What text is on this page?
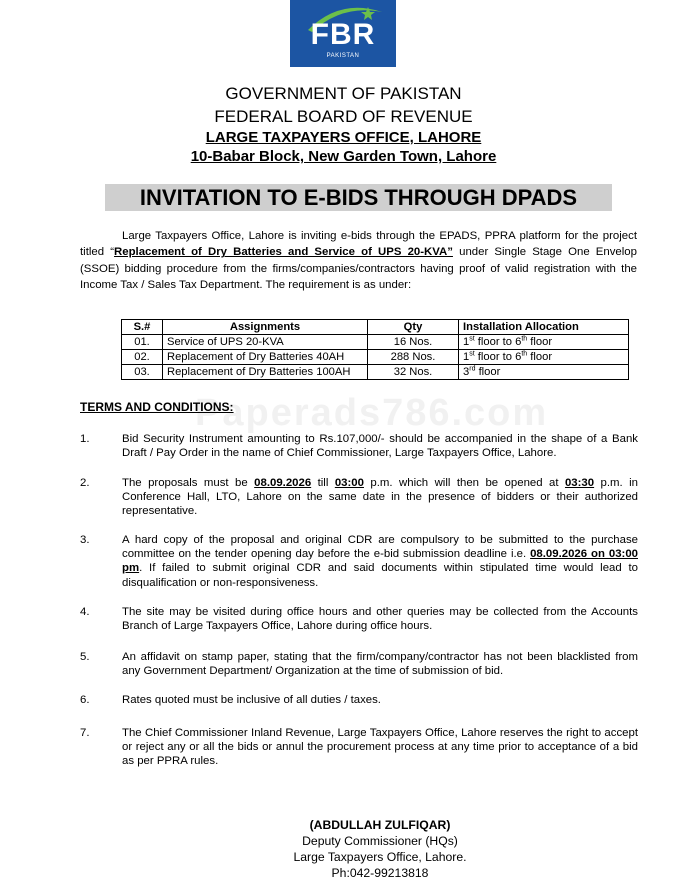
FBR
PAKISTAN
GOVERNMENT OF PAKISTAN
FEDERAL BOARD OF REVENUE
LARGE TAXPAYERS OFFICE, LAHORE
10-Babar Block, New Garden Town, Lahore
INVITATION TO E-BIDS THROUGH DPADS
Large Taxpayers Office, Lahore is inviting e-bids through the EPADS, PPRA platform for the project titled “Replacement of Dry Batteries and Service of UPS 20-KVA” under Single Stage One Envelop (SSOE) bidding procedure from the firms/companies/contractors having proof of valid registration with the Income Tax / Sales Tax Department. The requirement is as under:
S.#	Assignments	Qty	Installation Allocation
01.	Service of UPS 20-KVA	16 Nos.	1st floor to 6th floor
02.	Replacement of Dry Batteries 40AH	288 Nos.	1st floor to 6th floor
03.	Replacement of Dry Batteries 100AH	32 Nos.	3rd floor
Paperads786.com
TERMS AND CONDITIONS:
1.	Bid Security Instrument amounting to Rs.107,000/- should be accompanied in the shape of a Bank Draft / Pay Order in the name of Chief Commissioner, Large Taxpayers Office, Lahore.
2.	The proposals must be 08.09.2026 till 03:00 p.m. which will then be opened at 03:30 p.m. in Conference Hall, LTO, Lahore on the same date in the presence of bidders or their authorized representative.
3.	A hard copy of the proposal and original CDR are compulsory to be submitted to the purchase committee on the tender opening day before the e-bid submission deadline i.e. 08.09.2026 on 03:00 pm. If failed to submit original CDR and said documents within stipulated time would lead to disqualification or non-responsiveness.
4.	The site may be visited during office hours and other queries may be collected from the Accounts Branch of Large Taxpayers Office, Lahore during office hours.
5.	An affidavit on stamp paper, stating that the firm/company/contractor has not been blacklisted from any Government Department/ Organization at the time of submission of bid.
6.	Rates quoted must be inclusive of all duties / taxes.
7.	The Chief Commissioner Inland Revenue, Large Taxpayers Office, Lahore reserves the right to accept or reject any or all the bids or annul the procurement process at any time prior to acceptance of a bid as per PPRA rules.
(ABDULLAH ZULFIQAR)
Deputy Commissioner (HQs)
Large Taxpayers Office, Lahore.
Ph:042-99213818
